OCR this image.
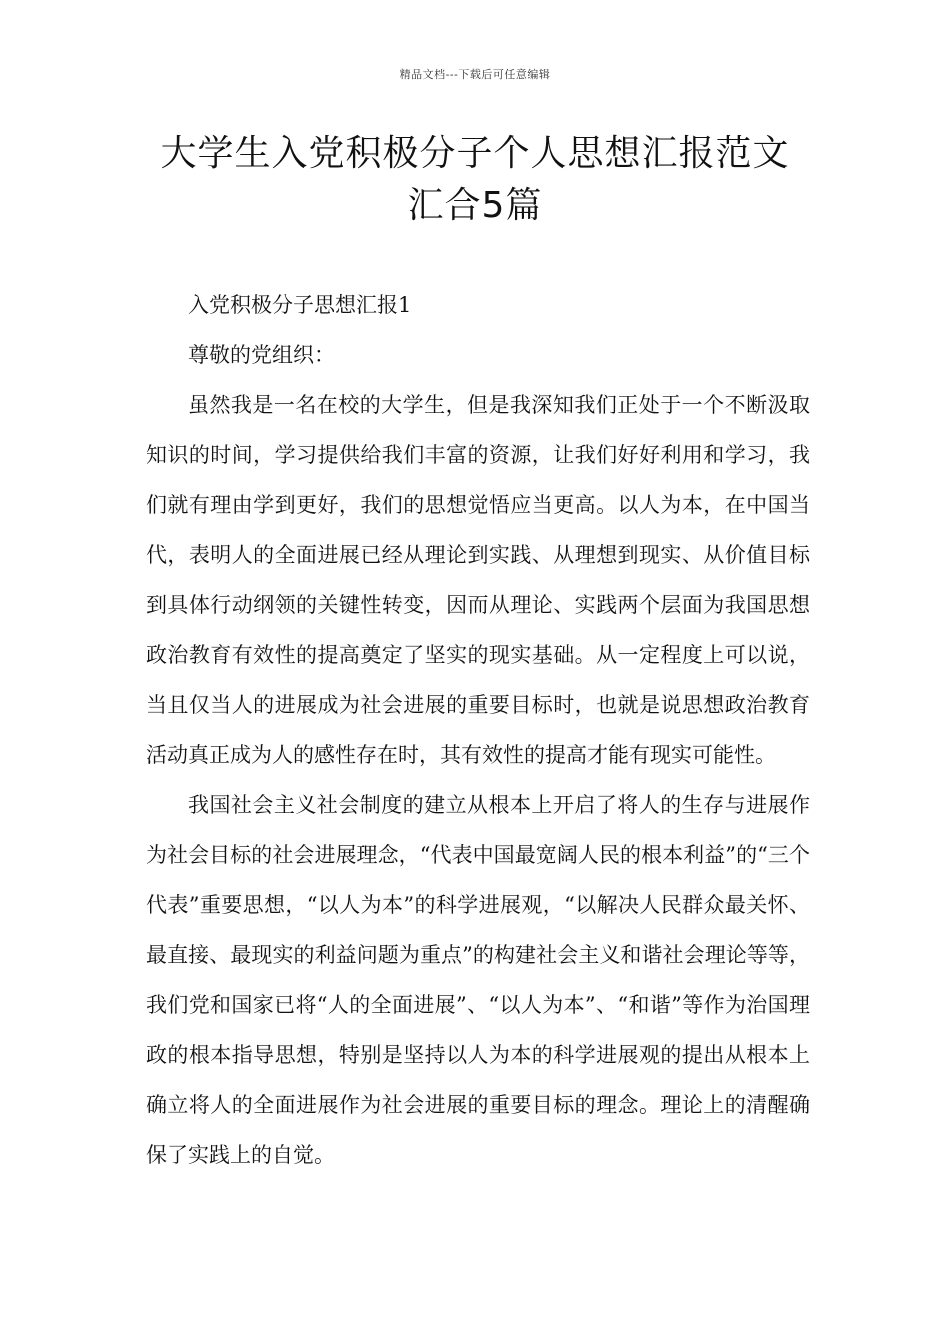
精品文档---下载后可任意编辑
大学生入党积极分子个人思想汇报范文
汇合5篇

入党积极分子思想汇报1

尊敬的党组织：

虽然我是一名在校的大学生，但是我深知我们正处于一个不断汲取知识的时间，学习提供给我们丰富的资源，让我们好好利用和学习，我们就有理由学到更好，我们的思想觉悟应当更高。以人为本，在中国当代，表明人的全面进展已经从理论到实践、从理想到现实、从价值目标到具体行动纲领的关键性转变，因而从理论、实践两个层面为我国思想政治教育有效性的提高奠定了坚实的现实基础。从一定程度上可以说，当且仅当人的进展成为社会进展的重要目标时，也就是说思想政治教育活动真正成为人的感性存在时，其有效性的提高才能有现实可能性。

我国社会主义社会制度的建立从根本上开启了将人的生存与进展作为社会目标的社会进展理念，“代表中国最宽阔人民的根本利益”的“三个代表”重要思想，“以人为本”的科学进展观，“以解决人民群众最关怀、最直接、最现实的利益问题为重点”的构建社会主义和谐社会理论等等，我们党和国家已将“人的全面进展”、“以人为本”、“和谐”等作为治国理政的根本指导思想，特别是坚持以人为本的科学进展观的提出从根本上确立将人的全面进展作为社会进展的重要目标的理念。理论上的清醒确保了实践上的自觉。
